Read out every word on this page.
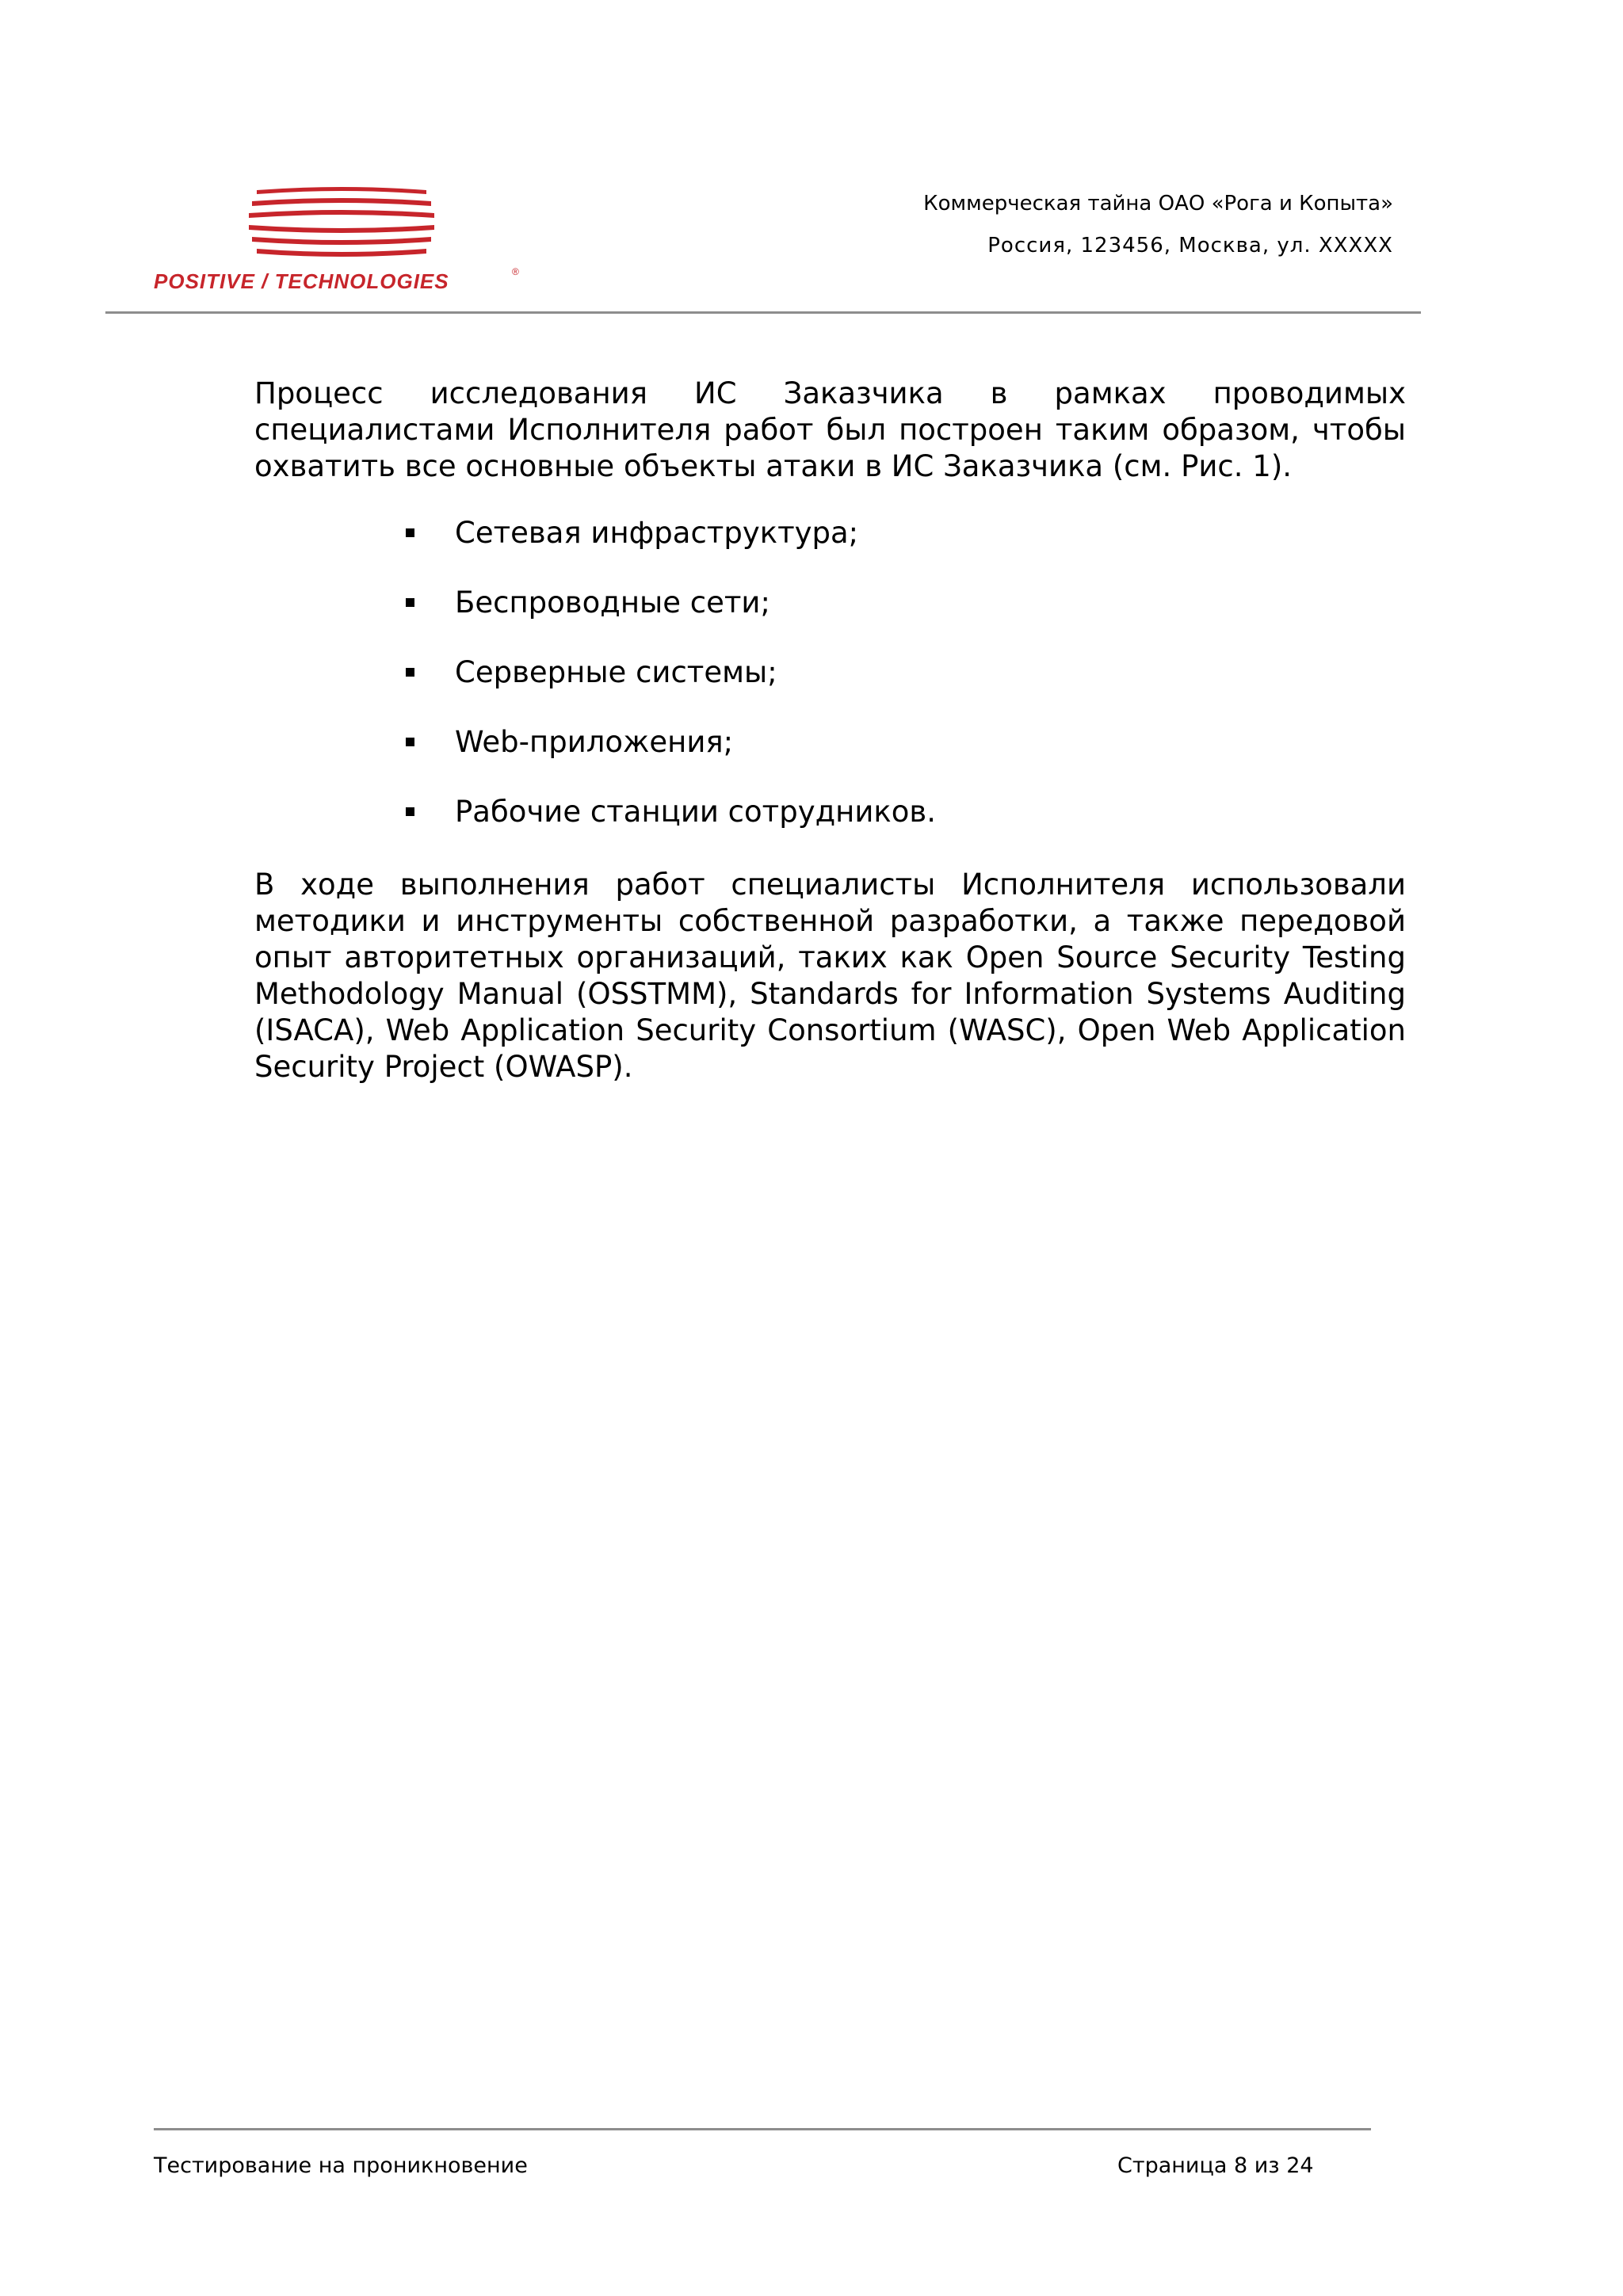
POSITIVE / TECHNOLOGIES	®
Коммерческая тайна ОАО «Рога и Копыта»
Россия, 123456, Москва, ул. XXXXX

Процесс исследования ИС Заказчика в рамках проводимых специалистами Исполнителя работ был построен таким образом, чтобы охватить все основные объекты атаки в ИС Заказчика (см. Рис. 1).

Сетевая инфраструктура;
Беспроводные сети;
Серверные системы;
Web-приложения;
Рабочие станции сотрудников.

В ходе выполнения работ специалисты Исполнителя использовали методики и инструменты собственной разработки, а также передовой опыт авторитетных организаций, таких как Open Source Security Testing Methodology Manual (OSSTMM), Standards for Information Systems Auditing (ISACA), Web Application Security Consortium (WASC), Open Web Application Security Project (OWASP).

Тестирование на проникновение	Страница 8 из 24
